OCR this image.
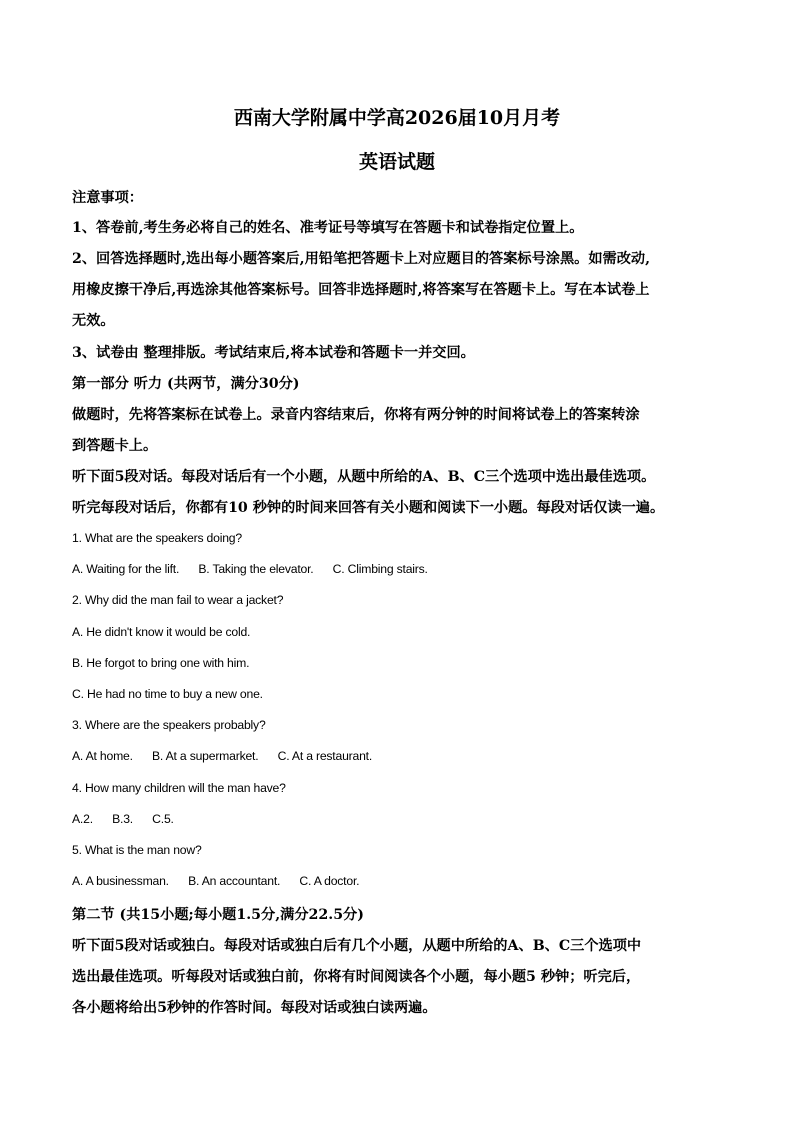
西南大学附属中学高2026届10月月考
英语试题
注意事项：
1、答卷前,考生务必将自己的姓名、准考证号等填写在答题卡和试卷指定位置上。
2、回答选择题时,选出每小题答案后,用铅笔把答题卡上对应题目的答案标号涂黑。如需改动,
用橡皮擦干净后,再选涂其他答案标号。回答非选择题时,将答案写在答题卡上。写在本试卷上
无效。
3、试卷由 整理排版。考试结束后,将本试卷和答题卡一并交回。
第一部分 听力 (共两节，满分30分)
做题时，先将答案标在试卷上。录音内容结束后，你将有两分钟的时间将试卷上的答案转涂
到答题卡上。
听下面5段对话。每段对话后有一个小题，从题中所给的A、B、C三个选项中选出最佳选项。
听完每段对话后，你都有10 秒钟的时间来回答有关小题和阅读下一小题。每段对话仅读一遍。
1. What are the speakers doing?
A. Waiting for the lift. B. Taking the elevator. C. Climbing stairs.
2. Why did the man fail to wear a jacket?
A. He didn't know it would be cold.
B. He forgot to bring one with him.
C. He had no time to buy a new one.
3. Where are the speakers probably?
A. At home. B. At a supermarket. C. At a restaurant.
4. How many children will the man have?
A.2. B.3. C.5.
5. What is the man now?
A. A businessman. B. An accountant. C. A doctor.
第二节 (共15小题;每小题1.5分,满分22.5分)
听下面5段对话或独白。每段对话或独白后有几个小题，从题中所给的A、B、C三个选项中
选出最佳选项。听每段对话或独白前，你将有时间阅读各个小题，每小题5 秒钟；听完后，
各小题将给出5秒钟的作答时间。每段对话或独白读两遍。
